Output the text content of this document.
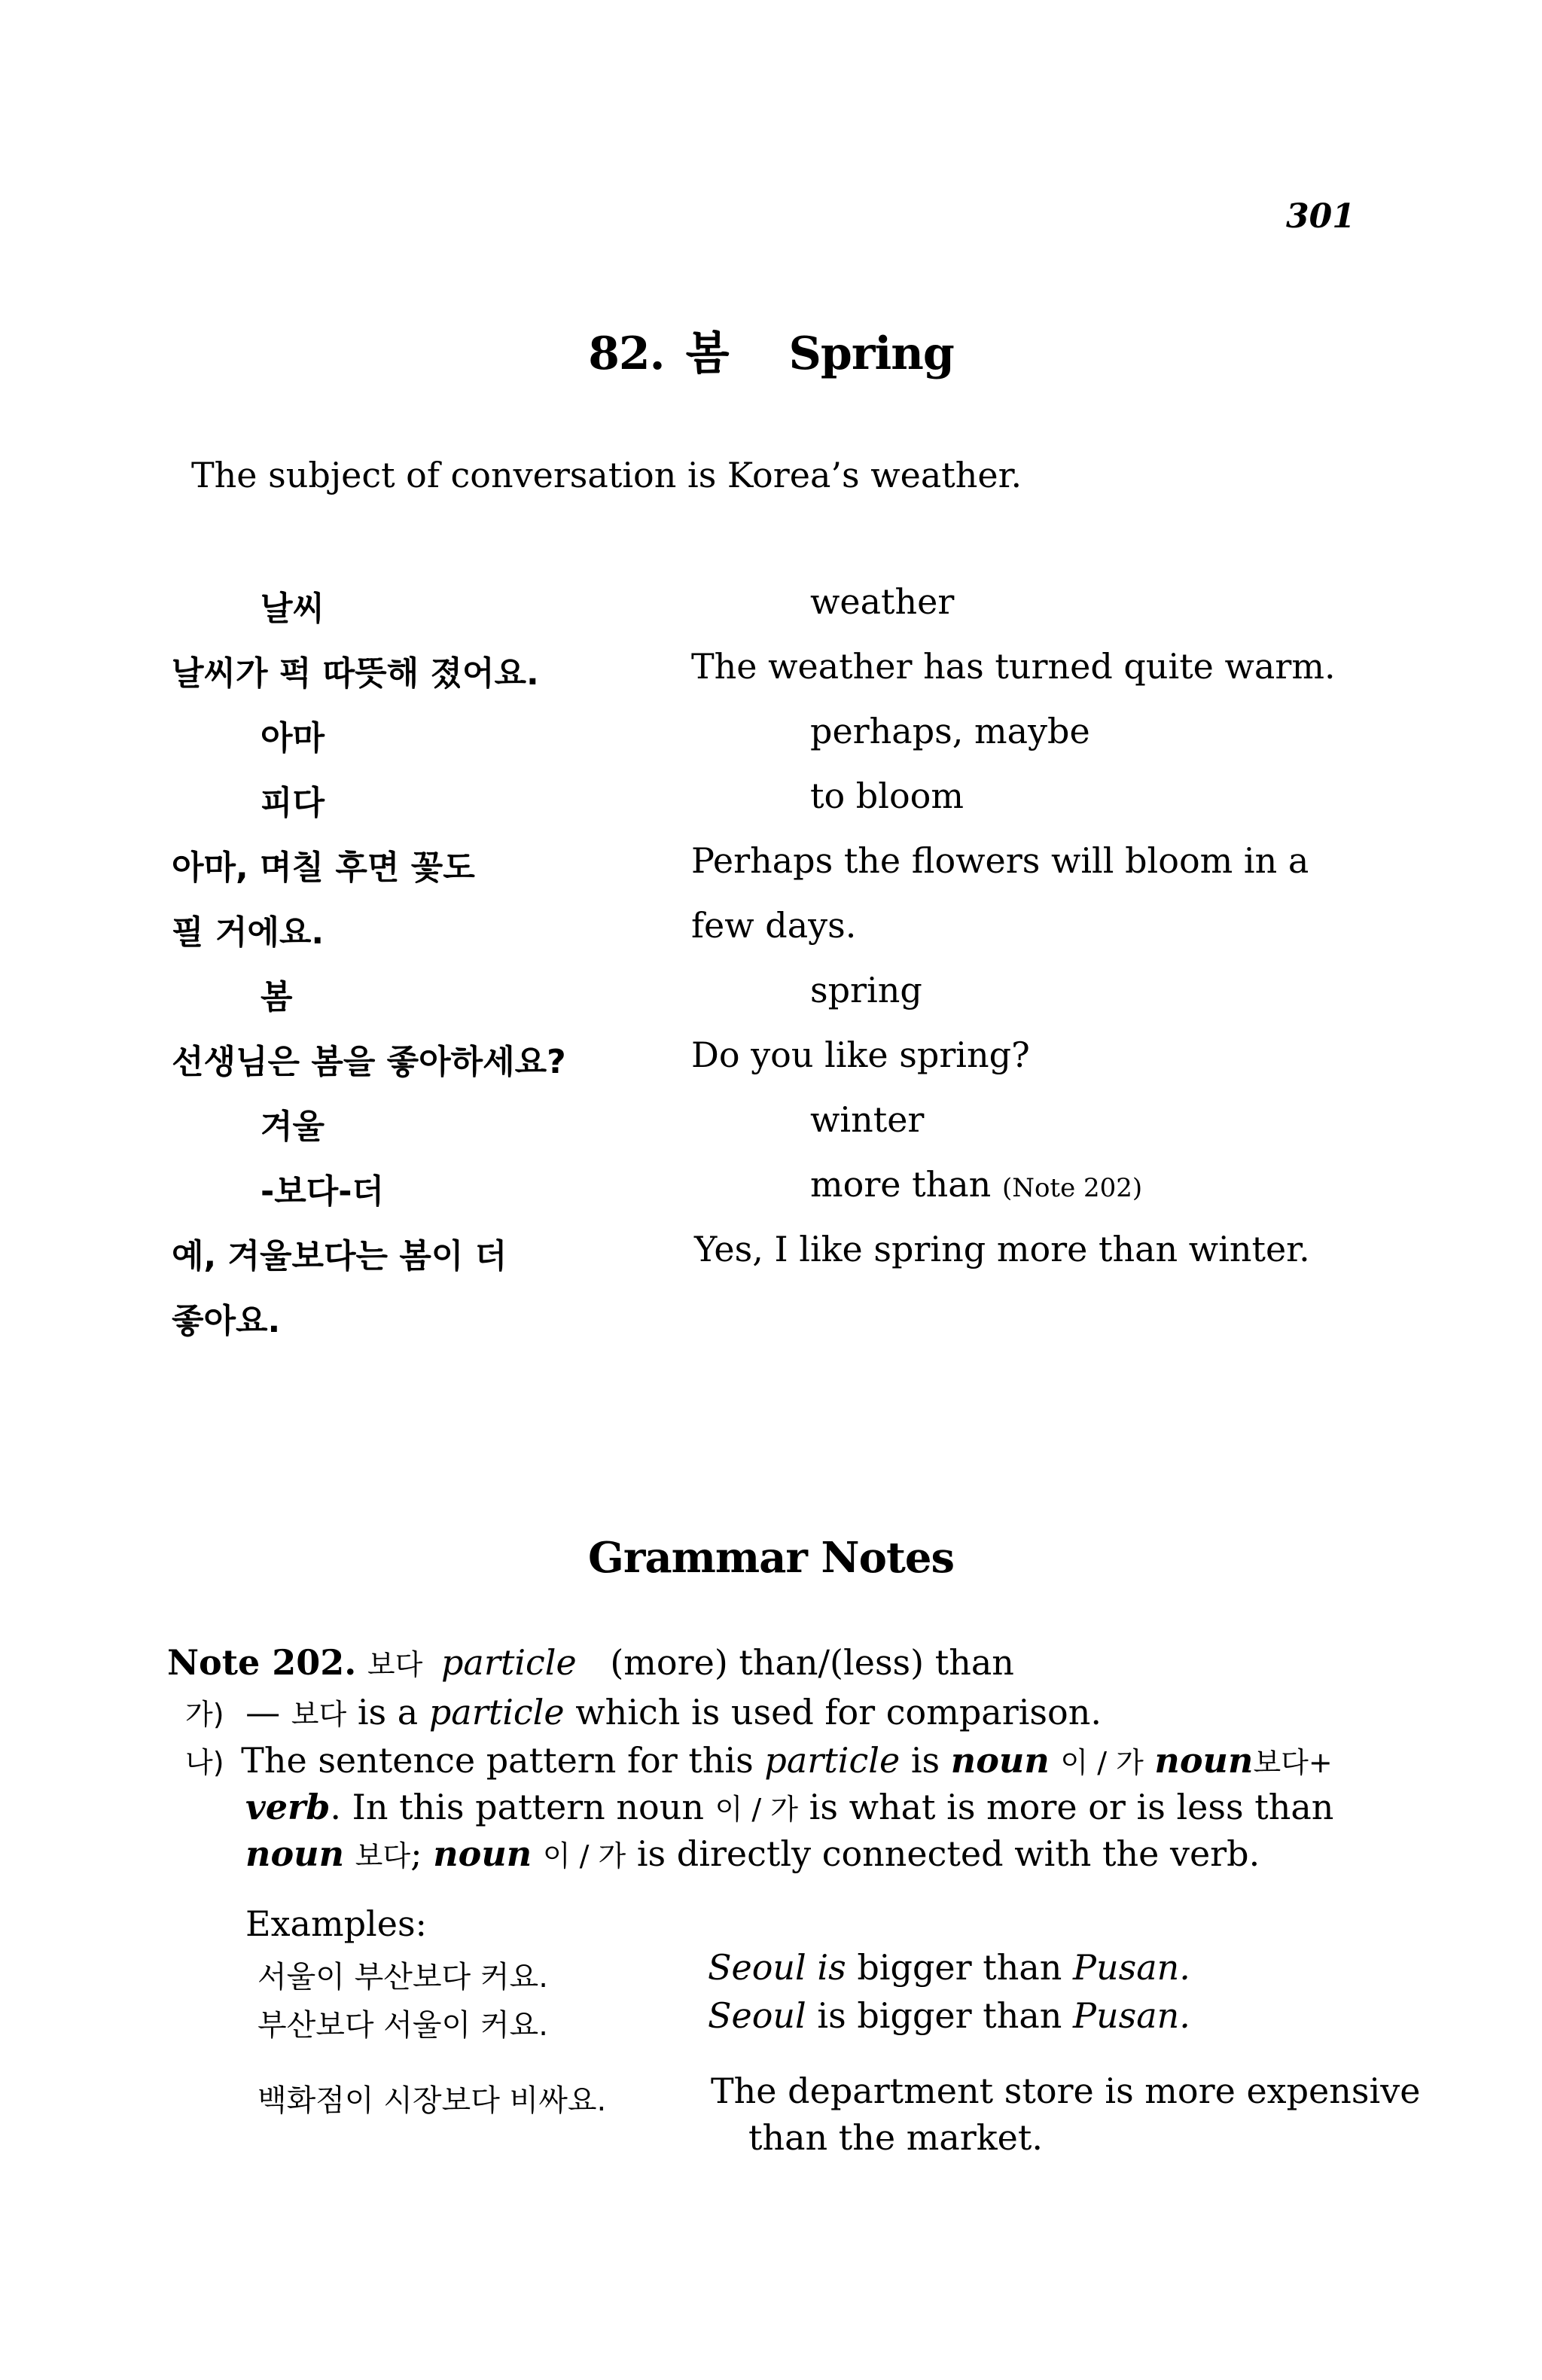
301
82. 봄 Spring
The subject of conversation is Korea’s weather.
날씨	weather
날씨가 퍽 따뜻해 졌어요.	The weather has turned quite warm.
아마	perhaps, maybe
피다	to bloom
아마, 며칠 후면 꽃도	Perhaps the flowers will bloom in a
필 거에요.	few days.
봄	spring
선생님은 봄을 좋아하세요?	Do you like spring?
겨울	winter
-보다-더	more than (Note 202)
예, 겨울보다는 봄이 더	Yes, I like spring more than winter.
좋아요.
Grammar Notes
Note 202. 보다 particle (more) than/(less) than
가) — 보다 is a particle which is used for comparison.
나) The sentence pattern for this particle is noun 이 / 가 noun보다+
verb. In this pattern noun 이 / 가 is what is more or is less than
noun 보다; noun 이 / 가 is directly connected with the verb.
Examples:
서울이 부산보다 커요.	Seoul is bigger than Pusan.
부산보다 서울이 커요.	Seoul is bigger than Pusan.
백화점이 시장보다 비싸요.	The department store is more expensive
than the market.
